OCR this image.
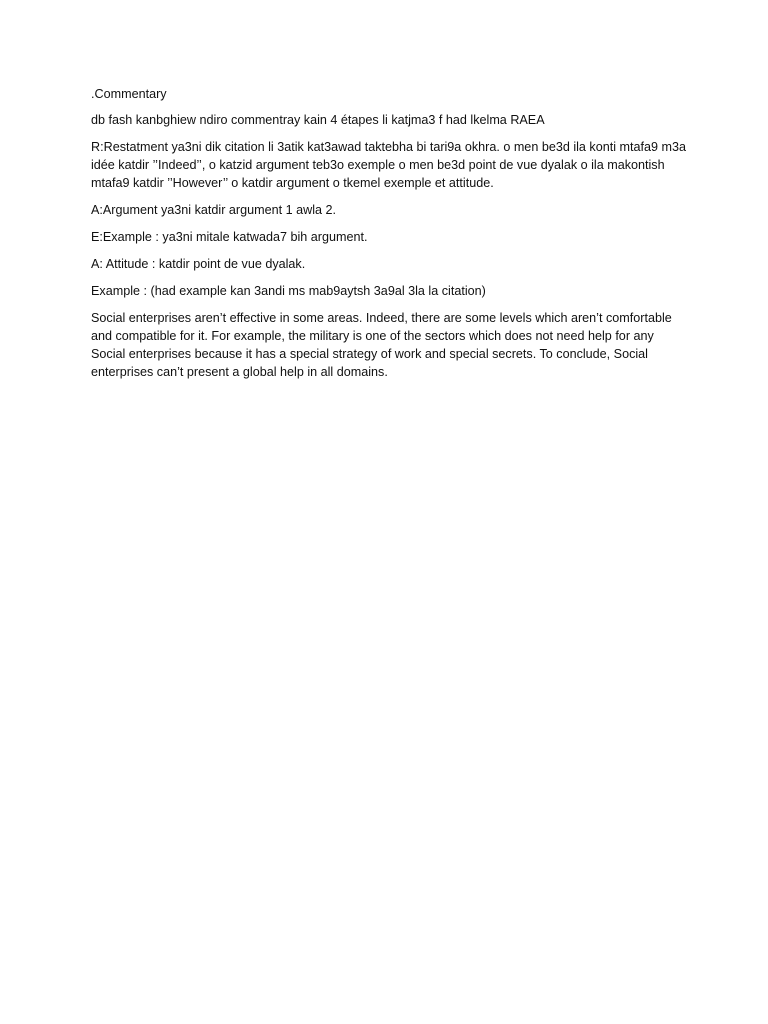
.Commentary

db fash kanbghiew ndiro commentray kain 4 étapes li katjma3 f had lkelma RAEA

R:Restatment ya3ni dik citation li 3atik kat3awad taktebha bi tari9a okhra. o men be3d ila konti mtafa9 m3a idée katdir ’’Indeed’’, o katzid argument teb3o exemple o men be3d point de vue dyalak o ila makontish mtafa9 katdir ’’However’’ o katdir argument o tkemel exemple et attitude.

A:Argument ya3ni katdir argument 1 awla 2.

E:Example : ya3ni mitale katwada7 bih argument.

A: Attitude : katdir point de vue dyalak.

Example : (had example kan 3andi ms mab9aytsh 3a9al 3la la citation)

Social enterprises aren’t effective in some areas. Indeed, there are some levels which aren’t comfortable and compatible for it. For example, the military is one of the sectors which does not need help for any Social enterprises because it has a special strategy of work and special secrets. To conclude, Social enterprises can’t present a global help in all domains.
